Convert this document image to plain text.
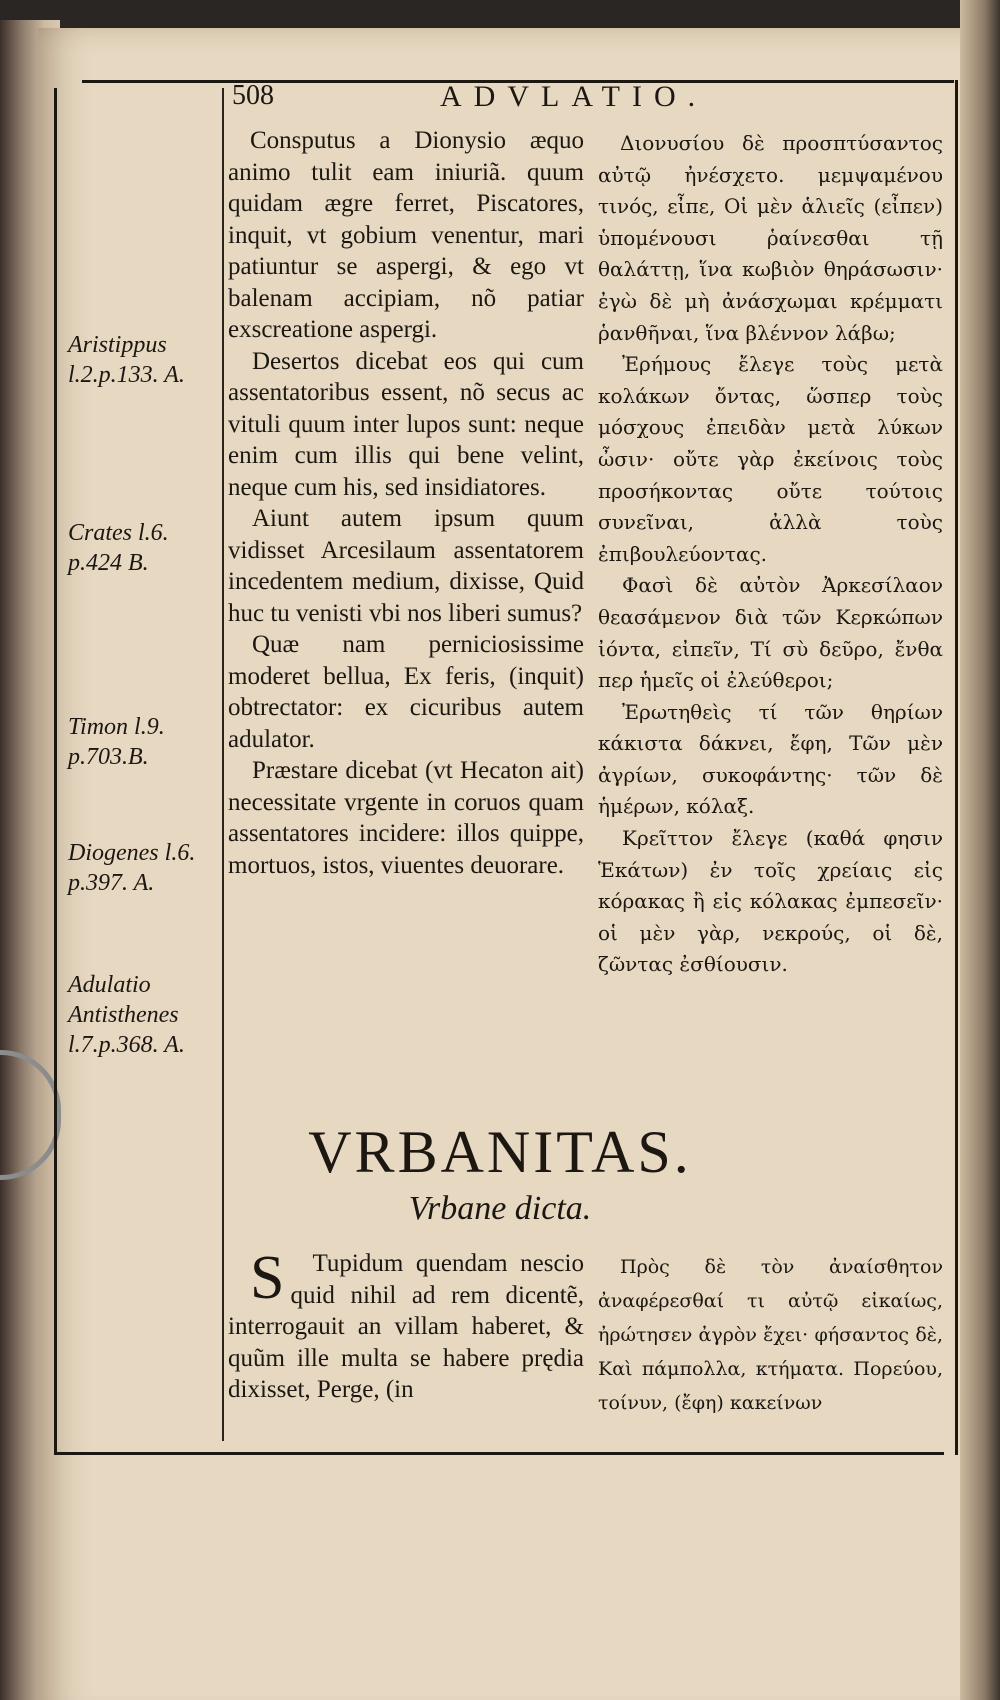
508	ADVLATIO.
Aristippus l.2.p.133. A.
Crates l.6. p.424 B.
Timon l.9. p.703.B.
Diogenes l.6. p.397. A.
Adulatio Antisthenes l.7.p.368. A.

Consputus a Dionysio æquo animo tulit eam iniuriã. quum quidam ægre ferret, Piscatores, inquit, vt gobium venentur, mari patiuntur se aspergi, & ego vt balenam accipiam, nõ patiar exscreatione aspergi.

Desertos dicebat eos qui cum assentatoribus essent, nõ secus ac vituli quum inter lupos sunt: neque enim cum illis qui bene velint, neque cum his, sed insidiatores.

Aiunt autem ipsum quum vidisset Arcesilaum assentatorem incedentem medium, dixisse, Quid huc tu venisti vbi nos liberi sumus?

Quæ nam perniciosissime moderet bellua, Ex feris, (inquit) obtrectator: ex cicuribus autem adulator.

Præstare dicebat (vt Hecaton ait) necessitate vrgente in coruos quam assentatores incidere: illos quippe, mortuos, istos, viuentes deuorare.

Διονυσίου δὲ προσπτύσαντος αὐτῷ ἠνέσχετο. μεμψαμένου τινός, εἶπε, Οἱ μὲν ἁλιεῖς (εἶπεν) ὑπομένουσι ῥαίνεσθαι τῇ θαλάττῃ, ἵνα κωβιὸν θηράσωσιν· ἐγὼ δὲ μὴ ἀνάσχωμαι κρέμματι ῥανθῆναι, ἵνα βλέννον λάβω;

Ἐρήμους ἔλεγε τοὺς μετὰ κολάκων ὄντας, ὥσπερ τοὺς μόσχους ἐπειδὰν μετὰ λύκων ὦσιν· οὔτε γὰρ ἐκείνοις τοὺς προσήκοντας οὔτε τούτοις συνεῖναι, ἀλλὰ τοὺς ἐπιβουλεύοντας.

Φασὶ δὲ αὐτὸν Ἀρκεσίλαον θεασάμενον διὰ τῶν Κερκώπων ἰόντα, εἰπεῖν, Τί σὺ δεῦρο, ἔνθα περ ἡμεῖς οἱ ἐλεύθεροι;

Ἐρωτηθεὶς τί τῶν θηρίων κάκιστα δάκνει, ἔφη, Τῶν μὲν ἀγρίων, συκοφάντης· τῶν δὲ ἡμέρων, κόλαξ.

Κρεῖττον ἔλεγε (καθά φησιν Ἑκάτων) ἐν τοῖς χρείαις εἰς κόρακας ἢ εἰς κόλακας ἐμπεσεῖν· οἱ μὲν γὰρ, νεκρούς, οἱ δὲ, ζῶντας ἐσθίουσιν.

VRBANITAS.
Vrbane dicta.

S Tupidum quendam nescio quid nihil ad rem dicentẽ, interrogauit an villam haberet, & quũm ille multa se habere prędia dixisset, Perge, (in

Πρὸς δὲ τὸν ἀναίσθητον ἀναφέρεσθαί τι αὐτῷ εἰκαίως, ἠρώτησεν ἀγρὸν ἔχει· φήσαντος δὲ, Καὶ πάμπολλα, κτήματα. Πορεύου, τοίνυν, (ἔφη) κακείνων
